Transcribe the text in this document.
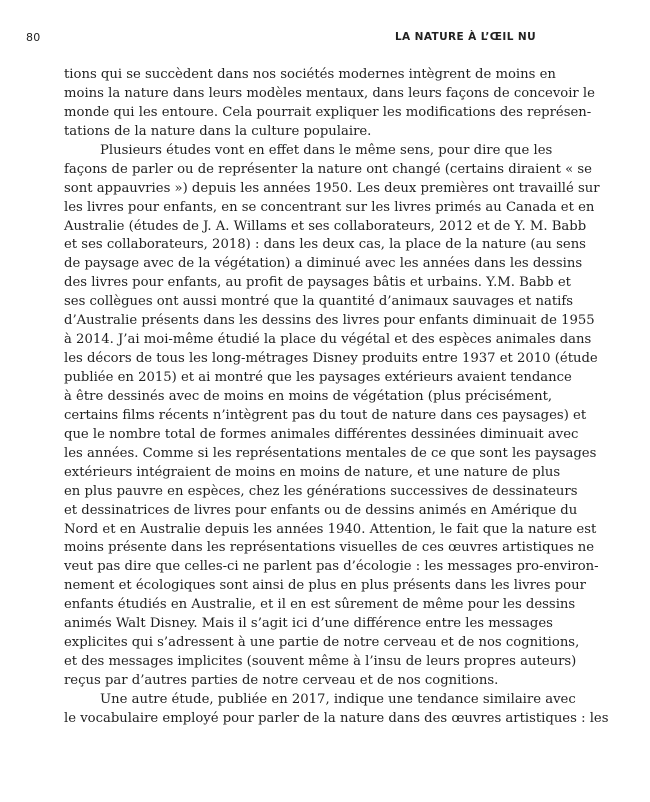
80	LA NATURE À L’ŒIL NU
tions qui se succèdent dans nos sociétés modernes intègrent de moins en
moins la nature dans leurs modèles mentaux, dans leurs façons de concevoir le
monde qui les entoure. Cela pourrait expliquer les modifications des représen-
tations de la nature dans la culture populaire.
Plusieurs études vont en effet dans le même sens, pour dire que les
façons de parler ou de représenter la nature ont changé (certains diraient « se
sont appauvries ») depuis les années 1950. Les deux premières ont travaillé sur
les livres pour enfants, en se concentrant sur les livres primés au Canada et en
Australie (études de J. A. Willams et ses collaborateurs, 2012 et de Y. M. Babb
et ses collaborateurs, 2018) : dans les deux cas, la place de la nature (au sens
de paysage avec de la végétation) a diminué avec les années dans les dessins
des livres pour enfants, au profit de paysages bâtis et urbains. Y.M. Babb et
ses collègues ont aussi montré que la quantité d’animaux sauvages et natifs
d’Australie présents dans les dessins des livres pour enfants diminuait de 1955
à 2014. J’ai moi-même étudié la place du végétal et des espèces animales dans
les décors de tous les long-métrages Disney produits entre 1937 et 2010 (étude
publiée en 2015) et ai montré que les paysages extérieurs avaient tendance
à être dessinés avec de moins en moins de végétation (plus précisément,
certains films récents n’intègrent pas du tout de nature dans ces paysages) et
que le nombre total de formes animales différentes dessinées diminuait avec
les années. Comme si les représentations mentales de ce que sont les paysages
extérieurs intégraient de moins en moins de nature, et une nature de plus
en plus pauvre en espèces, chez les générations successives de dessinateurs
et dessinatrices de livres pour enfants ou de dessins animés en Amérique du
Nord et en Australie depuis les années 1940. Attention, le fait que la nature est
moins présente dans les représentations visuelles de ces œuvres artistiques ne
veut pas dire que celles-ci ne parlent pas d’écologie : les messages pro-environ-
nement et écologiques sont ainsi de plus en plus présents dans les livres pour
enfants étudiés en Australie, et il en est sûrement de même pour les dessins
animés Walt Disney. Mais il s’agit ici d’une différence entre les messages
explicites qui s’adressent à une partie de notre cerveau et de nos cognitions,
et des messages implicites (souvent même à l’insu de leurs propres auteurs)
reçus par d’autres parties de notre cerveau et de nos cognitions.
Une autre étude, publiée en 2017, indique une tendance similaire avec
le vocabulaire employé pour parler de la nature dans des œuvres artistiques : les
